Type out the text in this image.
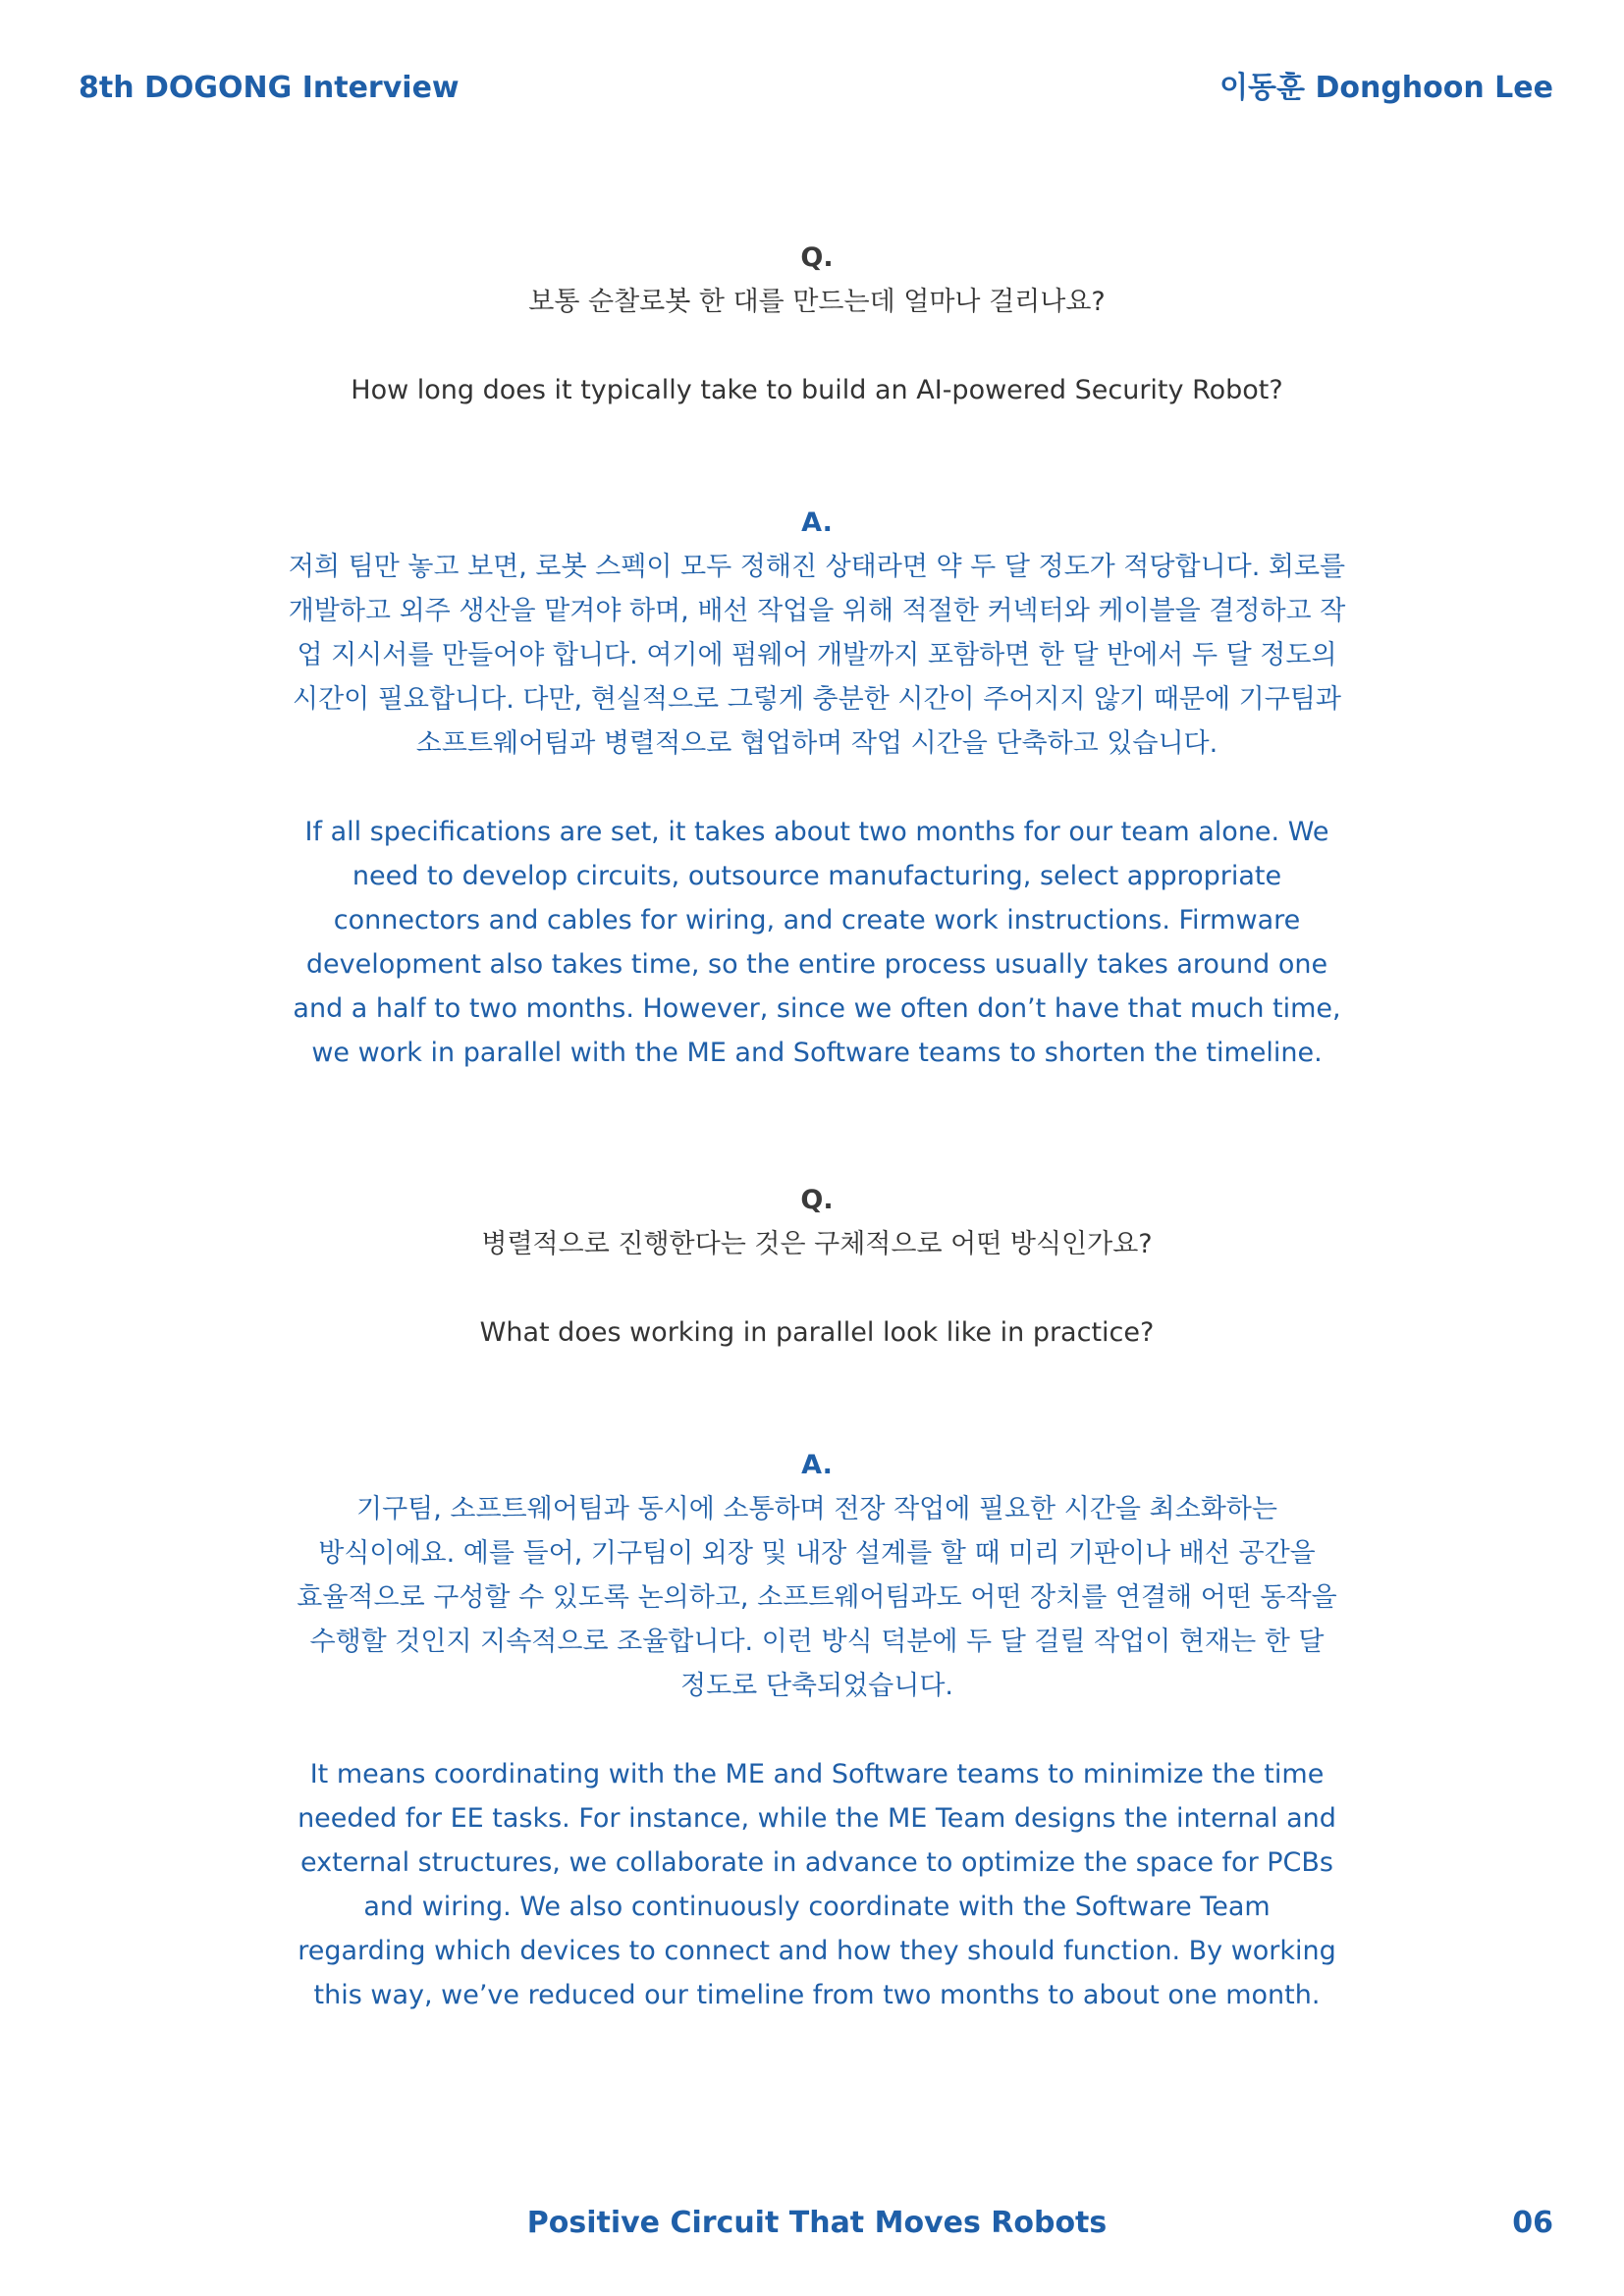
8th DOGONG Interview	이동훈 Donghoon Lee

Q.

보통 순찰로봇 한 대를 만드는데 얼마나 걸리나요?

How long does it typically take to build an AI-powered Security Robot?

A.

저희 팀만 놓고 보면, 로봇 스펙이 모두 정해진 상태라면 약 두 달 정도가 적당합니다. 회로를

개발하고 외주 생산을 맡겨야 하며, 배선 작업을 위해 적절한 커넥터와 케이블을 결정하고 작

업 지시서를 만들어야 합니다. 여기에 펌웨어 개발까지 포함하면 한 달 반에서 두 달 정도의

시간이 필요합니다. 다만, 현실적으로 그렇게 충분한 시간이 주어지지 않기 때문에 기구팀과

소프트웨어팀과 병렬적으로 협업하며 작업 시간을 단축하고 있습니다.

If all specifications are set, it takes about two months for our team alone. We

need to develop circuits, outsource manufacturing, select appropriate

connectors and cables for wiring, and create work instructions. Firmware

development also takes time, so the entire process usually takes around one

and a half to two months. However, since we often don’t have that much time,

we work in parallel with the ME and Software teams to shorten the timeline.

Q.

병렬적으로 진행한다는 것은 구체적으로 어떤 방식인가요?

What does working in parallel look like in practice?

A.

기구팀, 소프트웨어팀과 동시에 소통하며 전장 작업에 필요한 시간을 최소화하는

방식이에요. 예를 들어, 기구팀이 외장 및 내장 설계를 할 때 미리 기판이나 배선 공간을

효율적으로 구성할 수 있도록 논의하고, 소프트웨어팀과도 어떤 장치를 연결해 어떤 동작을

수행할 것인지 지속적으로 조율합니다. 이런 방식 덕분에 두 달 걸릴 작업이 현재는 한 달

정도로 단축되었습니다.

It means coordinating with the ME and Software teams to minimize the time

needed for EE tasks. For instance, while the ME Team designs the internal and

external structures, we collaborate in advance to optimize the space for PCBs

and wiring. We also continuously coordinate with the Software Team

regarding which devices to connect and how they should function. By working

this way, we’ve reduced our timeline from two months to about one month.

Positive Circuit That Moves Robots	06
